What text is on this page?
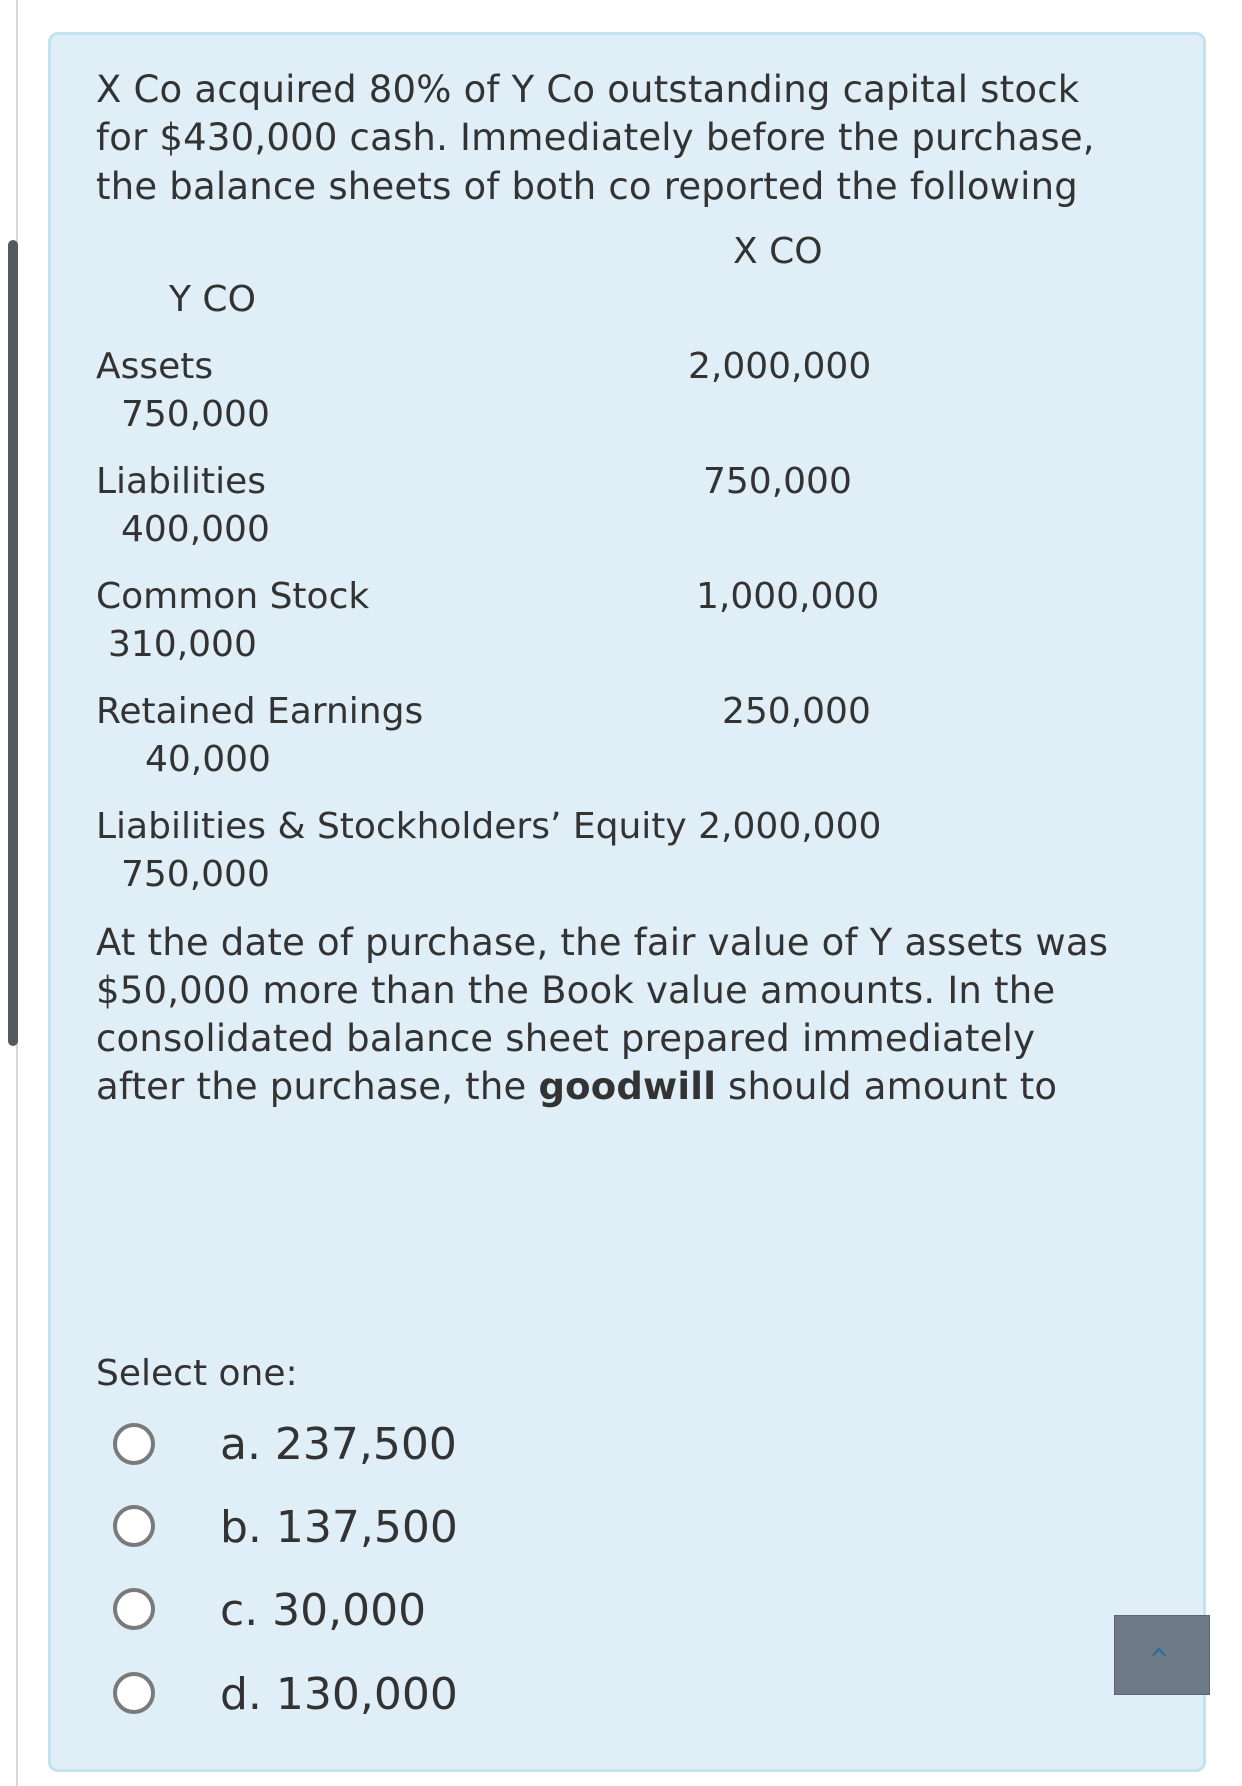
X Co acquired 80% of Y Co outstanding capital stock
for $430,000 cash. Immediately before the purchase,
the balance sheets of both co reported the following
X CO
Y CO
Assets	2,000,000
750,000
Liabilities	750,000
400,000
Common Stock	1,000,000
310,000
Retained Earnings	250,000
40,000
Liabilities & Stockholders’ Equity 2,000,000
750,000
At the date of purchase, the fair value of Y assets was
$50,000 more than the Book value amounts. In the
consolidated balance sheet prepared immediately
after the purchase, the goodwill should amount to
Select one:
a. 237,500
b. 137,500
c. 30,000
d. 130,000
‹
